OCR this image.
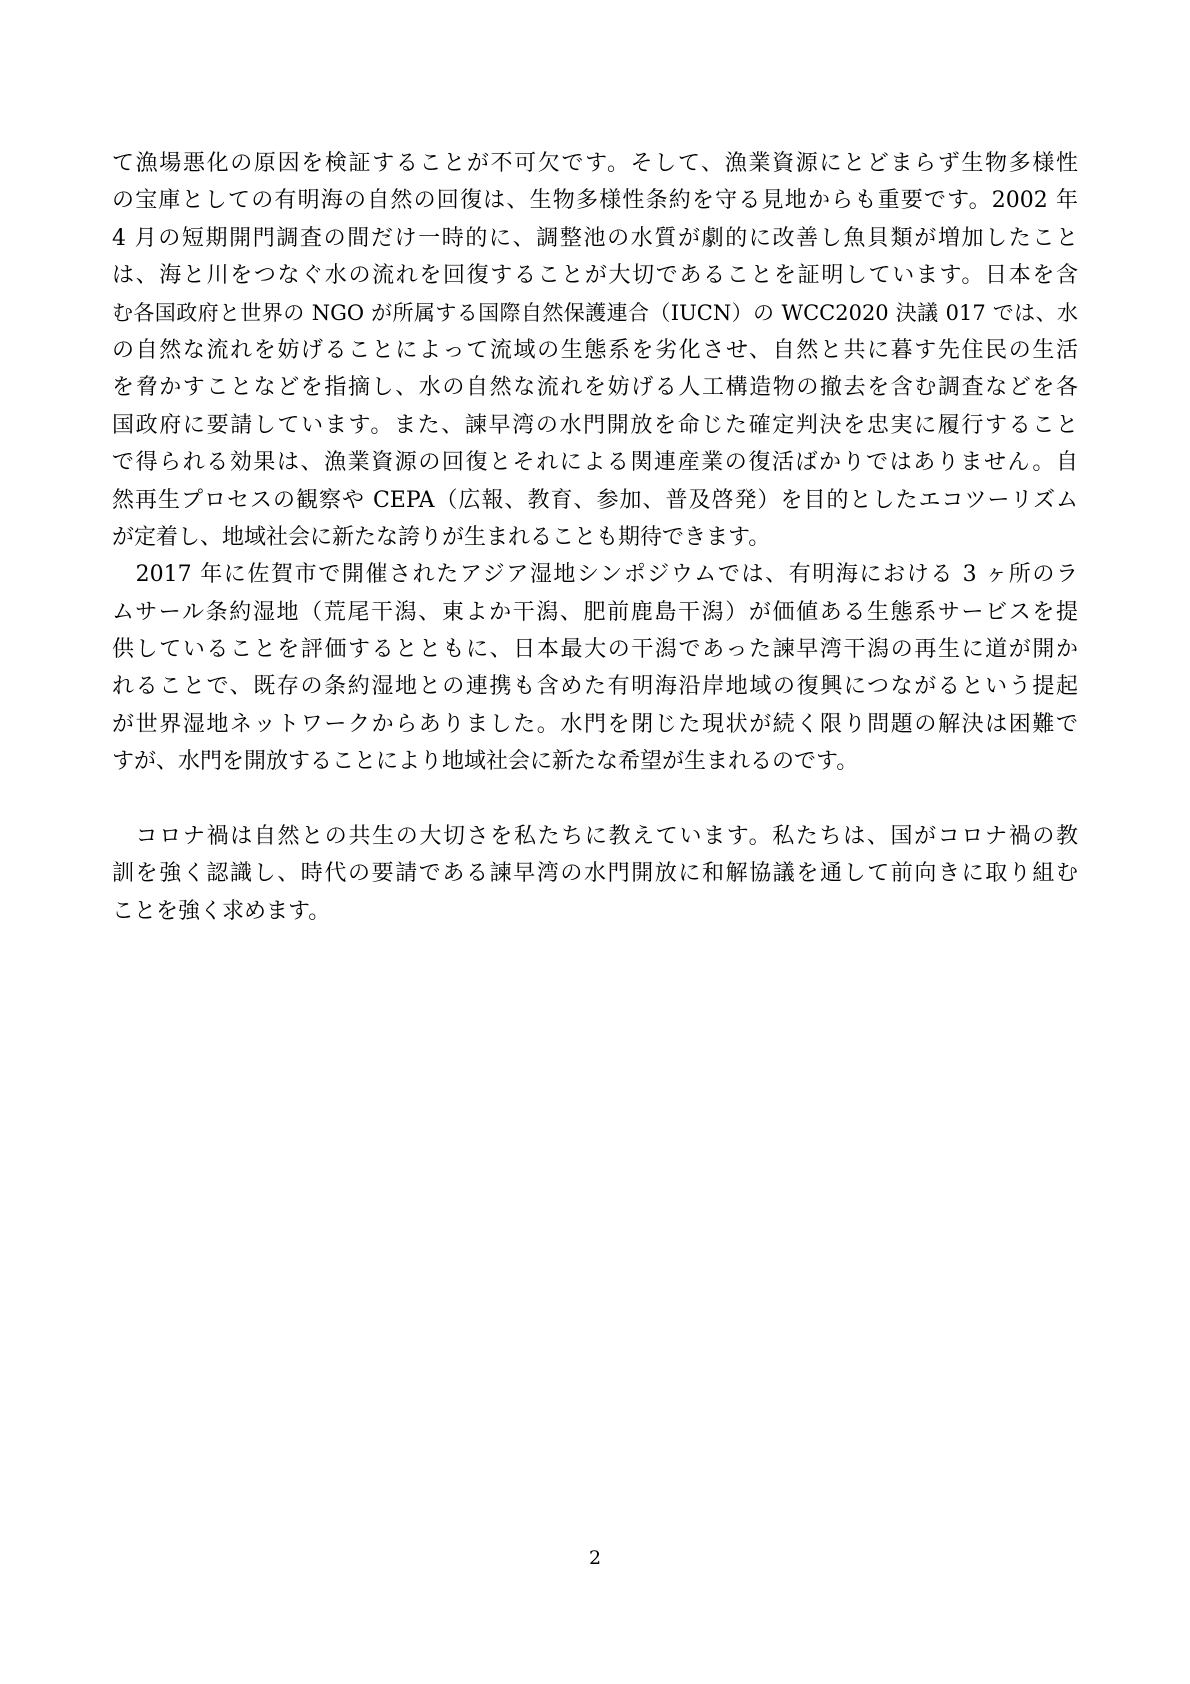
て漁場悪化の原因を検証することが不可欠です。そして、漁業資源にとどまらず生物多様性
の宝庫としての有明海の自然の回復は、生物多様性条約を守る見地からも重要です。2002 年
4 月の短期開門調査の間だけ一時的に、調整池の水質が劇的に改善し魚貝類が増加したこと
は、海と川をつなぐ水の流れを回復することが大切であることを証明しています。日本を含
む各国政府と世界の NGO が所属する国際自然保護連合（IUCN）の WCC2020 決議 017 では、水
の自然な流れを妨げることによって流域の生態系を劣化させ、自然と共に暮す先住民の生活
を脅かすことなどを指摘し、水の自然な流れを妨げる人工構造物の撤去を含む調査などを各
国政府に要請しています。また、諫早湾の水門開放を命じた確定判決を忠実に履行すること
で得られる効果は、漁業資源の回復とそれによる関連産業の復活ばかりではありません。自
然再生プロセスの観察や CEPA（広報、教育、参加、普及啓発）を目的としたエコツーリズム
が定着し、地域社会に新たな誇りが生まれることも期待できます。
　2017 年に佐賀市で開催されたアジア湿地シンポジウムでは、有明海における 3 ヶ所のラ
ムサール条約湿地（荒尾干潟、東よか干潟、肥前鹿島干潟）が価値ある生態系サービスを提
供していることを評価するとともに、日本最大の干潟であった諫早湾干潟の再生に道が開か
れることで、既存の条約湿地との連携も含めた有明海沿岸地域の復興につながるという提起
が世界湿地ネットワークからありました。水門を閉じた現状が続く限り問題の解決は困難で
すが、水門を開放することにより地域社会に新たな希望が生まれるのです。
　コロナ禍は自然との共生の大切さを私たちに教えています。私たちは、国がコロナ禍の教
訓を強く認識し、時代の要請である諫早湾の水門開放に和解協議を通して前向きに取り組む
ことを強く求めます。
2
